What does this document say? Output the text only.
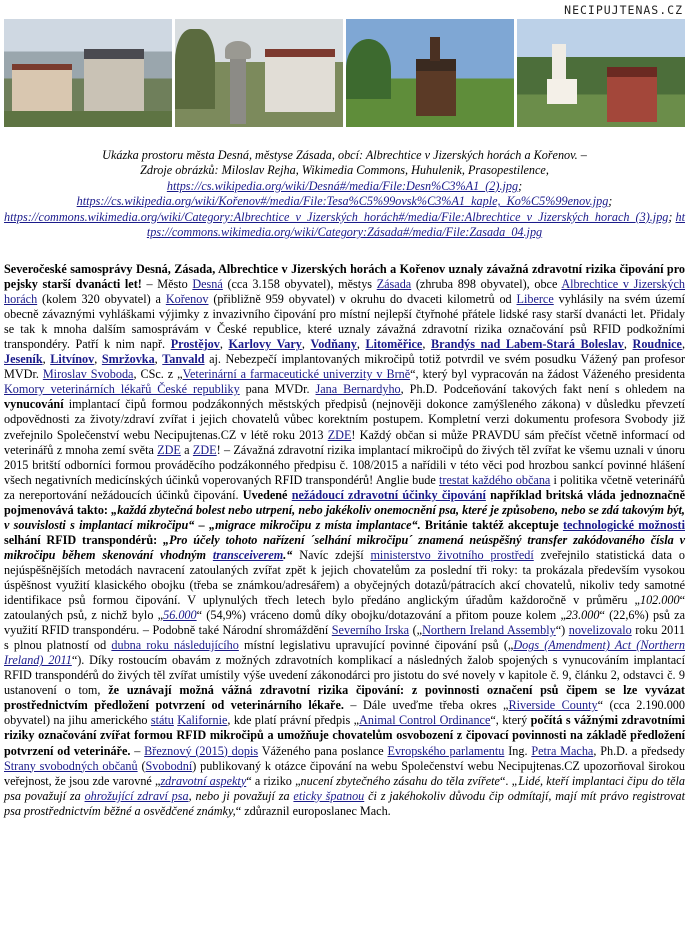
NECIPUJTENAS.CZ
Ukázka prostoru města Desná, městyse Zásada, obcí: Albrechtice v Jizerských horách a Kořenov. –
Zdroje obrázků: Miloslav Rejha, Wikimedia Commons, Huhulenik, Prasopestilence,
https://cs.wikipedia.org/wiki/Desná#/media/File:Desn%C3%A1_(2).jpg;
https://cs.wikipedia.org/wiki/Kořenov#/media/File:Tesa%C5%99ovsk%C3%A1_kaple,_Ko%C5%99enov.jpg;
https://commons.wikimedia.org/wiki/Category:Albrechtice_v_Jizerských_horách#/media/File:Albrechtice_v_Jizerských_horach_(3).jpg; https://commons.wikimedia.org/wiki/Category:Zásada#/media/File:Zasada_04.jpg

Severočeské samosprávy Desná, Zásada, Albrechtice v Jizerských horách a Kořenov uznaly závažná zdravotní rizika čipování pro pejsky starší dvanácti let! – Město Desná (cca 3.158 obyvatel), městys Zásada (zhruba 898 obyvatel), obce Albrechtice v Jizerských horách (kolem 320 obyvatel) a Kořenov (přibližně 959 obyvatel) v okruhu do dvaceti kilometrů od Liberce vyhlásily na svém území obecně závaznými vyhláškami výjimky z invazivního čipování pro místní nejlepší čtyřnohé přátele lidské rasy starší dvanácti let. Přidaly se tak k mnoha dalším samosprávám v České republice, které uznaly závažná zdravotní rizika označování psů RFID podkožními transpondéry. Patří k nim např. Prostějov, Karlovy Vary, Vodňany, Litoměřice, Brandýs nad Labem-Stará Boleslav, Roudnice, Jeseník, Litvínov, Smržovka, Tanvald aj. Nebezpečí implantovaných mikročipů totiž potvrdil ve svém posudku Vážený pan profesor MVDr. Miroslav Svoboda, CSc. z „Veterinární a farmaceutické univerzity v Brně“, který byl vypracován na žádost Váženého presidenta Komory veterinárních lékařů České republiky pana MVDr. Jana Bernardyho, Ph.D. Podceňování takových fakt není s ohledem na vynucování implantací čipů formou podzákonných městských předpisů (nejnověji dokonce zamýšleného zákona) v důsledku převzetí odpovědnosti za životy/zdraví zvířat i jejich chovatelů vůbec korektním postupem. Kompletní verzi dokumentu profesora Svobody již zveřejnilo Společenství webu Necipujtenas.CZ v létě roku 2013 ZDE! Každý občan si může PRAVDU sám přečíst včetně informací od veterinářů z mnoha zemí světa ZDE a ZDE! – Závažná zdravotní rizika implantací mikročipů do živých těl zvířat ke všemu uznali v únoru 2015 britští odborníci formou prováděcího podzákonného předpisu č. 108/2015 a nařídili v této věci pod hrozbou sankcí povinné hlášení všech negativních medicínských účinků voperovaných RFID transpondérů! Anglie bude trestat každého občana i politika včetně veterinářů za nereportování nežádoucích účinků čipování. Uvedené nežádoucí zdravotní účinky čipování například britská vláda jednoznačně pojmenovává takto: „každá zbytečná bolest nebo utrpení, nebo jakékoliv onemocnění psa, které je způsobeno, nebo se zdá takovým být, v souvislosti s implantací mikročipu“ – „migrace mikročipu z místa implantace“. Británie taktéž akceptuje technologické možnosti selhání RFID transpondérů: „Pro účely tohoto nařízení ´selhání mikročipu´ znamená neúspěšný transfer zakódovaného čísla v mikročipu během skenování vhodným transceiverem.“ Navíc zdejší ministerstvo životního prostředí zveřejnilo statistická data o nejúspěšnějších metodách navracení zatoulaných zvířat zpět k jejich chovatelům za poslední tři roky: ta prokázala především vysokou úspěšnost využití klasického obojku (třeba se známkou/adresářem) a obyčejných dotazů/pátracích akcí chovatelů, nikoliv tedy samotné identifikace psů formou čipování. V uplynulých třech letech bylo předáno anglickým úřadům každoročně v průměru „102.000“ zatoulaných psů, z nichž bylo „56.000“ (54,9%) vráceno domů díky obojku/dotazování a přitom pouze kolem „23.000“ (22,6%) psů za využití RFID transpondéru. – Podobně také Národní shromáždění Severního Irska („Northern Ireland Assembly“) novelizovalo roku 2011 s plnou platností od dubna roku následujícího místní legislativu upravující povinné čipování psů („Dogs (Amendment) Act (Northern Ireland) 2011“). Díky rostoucím obavám z možných zdravotních komplikací a následných žalob spojených s vynucováním implantací RFID transpondérů do živých těl zvířat umístily výše uvedení zákonodárci pro jistotu do své novely v kapitole č. 9, článku 2, odstavci č. 9 ustanovení o tom, že uznávají možná vážná zdravotní rizika čipování: z povinnosti označení psů čipem se lze vyvázat prostřednictvím předložení potvrzení od veterinárního lékaře. – Dále uveďme třeba okres „Riverside County“ (cca 2.190.000 obyvatel) na jihu amerického státu Kalifornie, kde platí právní předpis „Animal Control Ordinance“, který počítá s vážnými zdravotními riziky označování zvířat formou RFID mikročipů a umožňuje chovatelům osvobození z čipovací povinnosti na základě předložení potvrzení od veterináře. – Březnový (2015) dopis Váženého pana poslance Evropského parlamentu Ing. Petra Macha, Ph.D. a předsedy Strany svobodných občanů (Svobodní) publikovaný k otázce čipování na webu Společenství webu Necipujtenas.CZ upozorňoval širokou veřejnost, že jsou zde varovné „zdravotní aspekty“ a riziko „nucení zbytečného zásahu do těla zvířete“. „Lidé, kteří implantaci čipu do těla psa považují za ohrožující zdraví psa, nebo ji považují za eticky špatnou či z jakéhokoliv důvodu čip odmítají, mají mít právo registrovat psa prostřednictvím běžné a osvědčené známky,“ zdůraznil europoslanec Mach.
